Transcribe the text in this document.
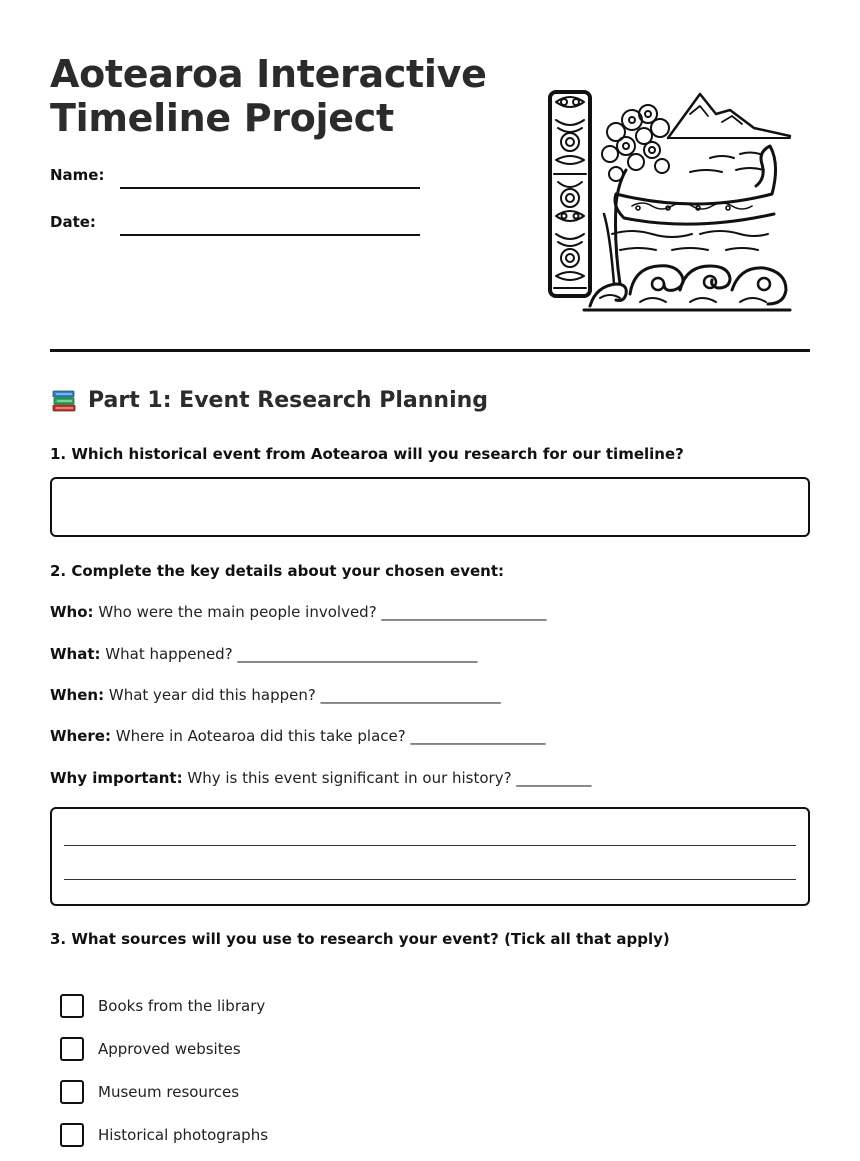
Aotearoa Interactive
Timeline Project
Name:
Date:
Part 1: Event Research Planning
1. Which historical event from Aotearoa will you research for our timeline?
2. Complete the key details about your chosen event:
Who: Who were the main people involved? ______________________
What: What happened? ________________________________
When: What year did this happen? ________________________
Where: Where in Aotearoa did this take place? __________________
Why important: Why is this event significant in our history? __________
3. What sources will you use to research your event? (Tick all that apply)
Books from the library
Approved websites
Museum resources
Historical photographs
